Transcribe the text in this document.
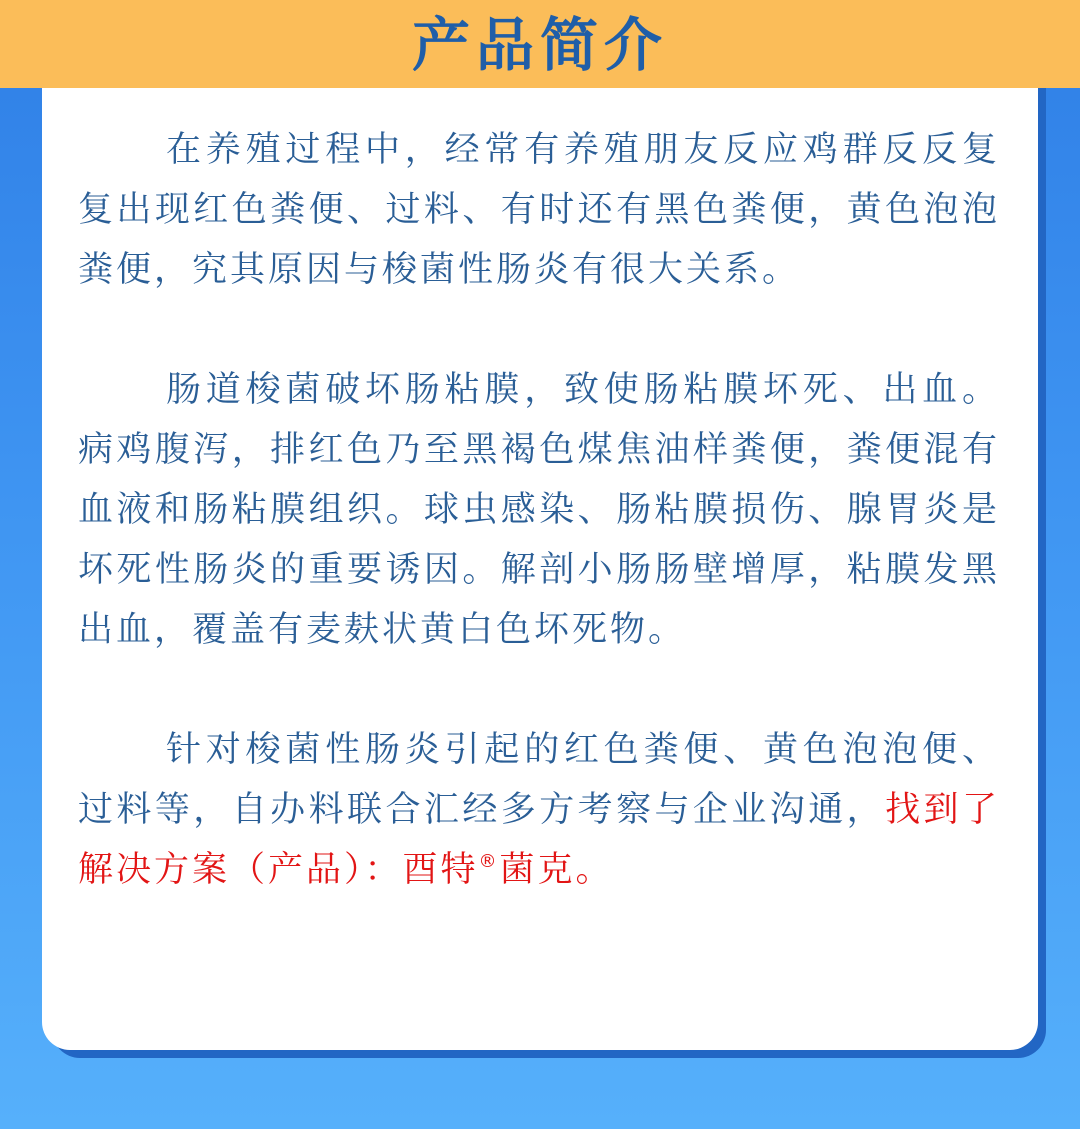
产品简介

在养殖过程中，经常有养殖朋友反应鸡群反反复复出现红色粪便、过料、有时还有黑色粪便，黄色泡泡粪便，究其原因与梭菌性肠炎有很大关系。

肠道梭菌破坏肠粘膜，致使肠粘膜坏死、出血。病鸡腹泻，排红色乃至黑褐色煤焦油样粪便，粪便混有血液和肠粘膜组织。球虫感染、肠粘膜损伤、腺胃炎是坏死性肠炎的重要诱因。解剖小肠肠壁增厚，粘膜发黑出血，覆盖有麦麸状黄白色坏死物。

针对梭菌性肠炎引起的红色粪便、黄色泡泡便、过料等，自办料联合汇经多方考察与企业沟通，找到了解决方案（产品）：酉特®菌克。
